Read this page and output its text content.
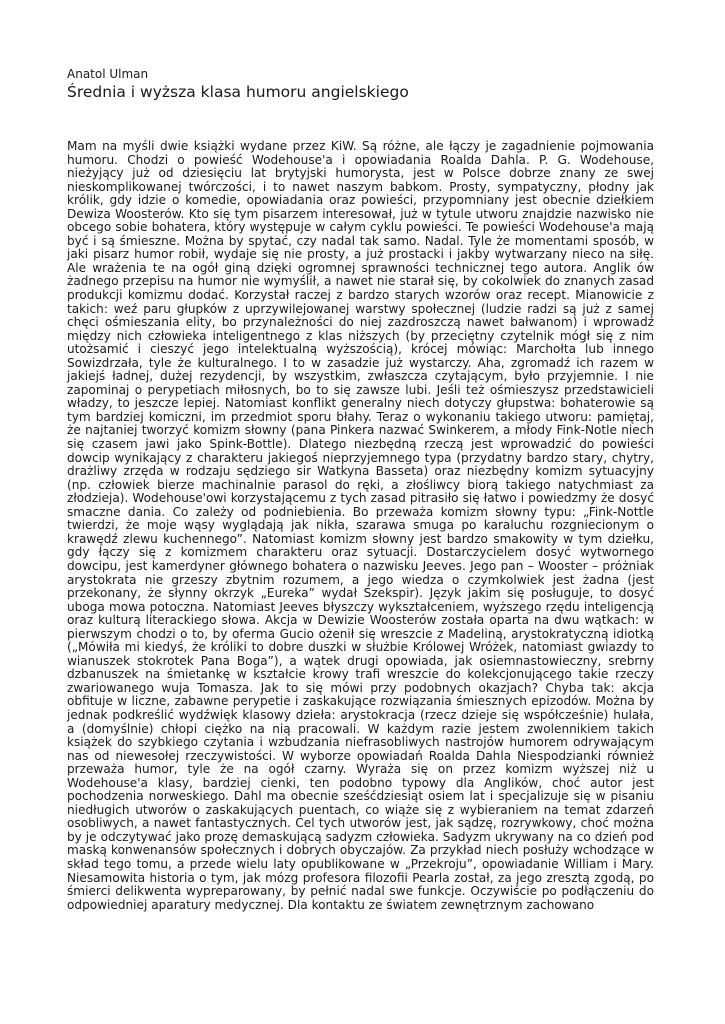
Anatol Ulman

Średnia i wyższa klasa humoru angielskiego

Mam na myśli dwie książki wydane przez KiW. Są różne, ale łączy je zagadnienie pojmowania humoru. Chodzi o powieść Wodehouse'a i opowiadania Roalda Dahla. P. G. Wodehouse, nieżyjący już od dziesięciu lat brytyjski humorysta, jest w Polsce dobrze znany ze swej nieskomplikowanej twórczości, i to nawet naszym babkom. Prosty, sympatyczny, płodny jak królik, gdy idzie o komedie, opowiadania oraz powieści, przypomniany jest obecnie dziełkiem Dewiza Woosterów. Kto się tym pisarzem interesował, już w tytule utworu znajdzie nazwisko nie obcego sobie bohatera, który występuje w całym cyklu powieści. Te powieści Wodehouse'a mają być i są śmieszne. Można by spytać, czy nadal tak samo. Nadal. Tyle że momentami sposób, w jaki pisarz humor robił, wydaje się nie prosty, a już prostacki i jakby wytwarzany nieco na siłę. Ale wrażenia te na ogół giną dzięki ogromnej sprawności technicznej tego autora. Anglik ów żadnego przepisu na humor nie wymyślił, a nawet nie starał się, by cokolwiek do znanych zasad produkcji komizmu dodać. Korzystał raczej z bardzo starych wzorów oraz recept. Mianowicie z takich: weź paru głupków z uprzywilejowanej warstwy społecznej (ludzie radzi są już z samej chęci ośmieszania elity, bo przynależności do niej zazdroszczą nawet bałwanom) i wprowadź między nich człowieka inteligentnego z klas niższych (by przeciętny czytelnik mógł się z nim utożsamić i cieszyć jego intelektualną wyższością), krócej mówiąc: Marchołta lub innego Sowizdrzała, tyle że kulturalnego. I to w zasadzie już wystarczy. Aha, zgromadź ich razem w jakiejś ładnej, dużej rezydencji, by wszystkim, zwłaszcza czytającym, było przyjemnie. I nie zapominaj o perypetiach miłosnych, bo to się zawsze lubi. Jeśli też ośmieszysz przedstawicieli władzy, to jeszcze lepiej. Natomiast konflikt generalny niech dotyczy głupstwa: bohaterowie są tym bardziej komiczni, im przedmiot sporu błahy. Teraz o wykonaniu takiego utworu: pamiętaj, że najtaniej tworzyć komizm słowny (pana Pinkera nazwać Swinkerem, a młody Fink-Notle niech się czasem jawi jako Spink-Bottle). Dlatego niezbędną rzeczą jest wprowadzić do powieści dowcip wynikający z charakteru jakiegoś nieprzyjemnego typa (przydatny bardzo stary, chytry, drażliwy zrzęda w rodzaju sędziego sir Watkyna Basseta) oraz niezbędny komizm sytuacyjny (np. człowiek bierze machinalnie parasol do ręki, a złośliwcy biorą takiego natychmiast za złodzieja). Wodehouse'owi korzystającemu z tych zasad pitrasiło się łatwo i powiedzmy że dosyć smaczne dania. Co zależy od podniebienia. Bo przeważa komizm słowny typu: „Fink-Nottle twierdzi, że moje wąsy wyglądają jak nikła, szarawa smuga po karaluchu rozgniecionym o krawędź zlewu kuchennego”. Natomiast komizm słowny jest bardzo smakowity w tym dziełku, gdy łączy się z komizmem charakteru oraz sytuacji. Dostarczycielem dosyć wytwornego dowcipu, jest kamerdyner głównego bohatera o nazwisku Jeeves. Jego pan – Wooster – próżniak arystokrata nie grzeszy zbytnim rozumem, a jego wiedza o czymkolwiek jest żadna (jest przekonany, że słynny okrzyk „Eureka” wydał Szekspir). Język jakim się posługuje, to dosyć uboga mowa potoczna. Natomiast Jeeves błyszczy wykształceniem, wyższego rzędu inteligencją oraz kulturą literackiego słowa. Akcja w Dewizie Woosterów została oparta na dwu wątkach: w pierwszym chodzi o to, by oferma Gucio ożenił się wreszcie z Madeliną, arystokratyczną idiotką („Mówiła mi kiedyś, że króliki to dobre duszki w służbie Królowej Wróżek, natomiast gwiazdy to wianuszek stokrotek Pana Boga”), a wątek drugi opowiada, jak osiemnastowieczny, srebrny dzbanuszek na śmietankę w kształcie krowy trafi wreszcie do kolekcjonującego takie rzeczy zwariowanego wuja Tomasza. Jak to się mówi przy podobnych okazjach? Chyba tak: akcja obfituje w liczne, zabawne perypetie i zaskakujące rozwiązania śmiesznych epizodów. Można by jednak podkreślić wydźwięk klasowy dzieła: arystokracja (rzecz dzieje się współcześnie) hulała, a (domyślnie) chłopi ciężko na nią pracowali. W każdym razie jestem zwolennikiem takich książek do szybkiego czytania i wzbudzania niefrasobliwych nastrojów humorem odrywającym nas od niewesołej rzeczywistości. W wyborze opowiadań Roalda Dahla Niespodzianki również przeważa humor, tyle że na ogół czarny. Wyraża się on przez komizm wyższej niż u Wodehouse'a klasy, bardziej cienki, ten podobno typowy dla Anglików, choć autor jest pochodzenia norweskiego. Dahl ma obecnie sześćdziesiąt osiem lat i specjalizuje się w pisaniu niedługich utworów o zaskakujących puentach, co wiąże się z wybieraniem na temat zdarzeń osobliwych, a nawet fantastycznych. Cel tych utworów jest, jak sądzę, rozrywkowy, choć można by je odczytywać jako prozę demaskującą sadyzm człowieka. Sadyzm ukrywany na co dzień pod maską konwenansów społecznych i dobrych obyczajów. Za przykład niech posłuży wchodzące w skład tego tomu, a przede wielu laty opublikowane w „Przekroju”, opowiadanie William i Mary. Niesamowita historia o tym, jak mózg profesora filozofii Pearla został, za jego zresztą zgodą, po śmierci delikwenta wypreparowany, by pełnić nadal swe funkcje. Oczywiście po podłączeniu do odpowiedniej aparatury medycznej. Dla kontaktu ze światem zewnętrznym zachowano
